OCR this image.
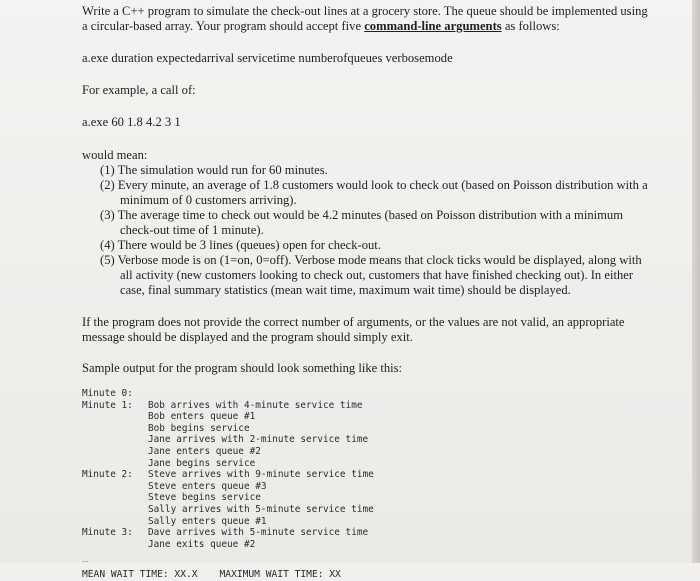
Write a C++ program to simulate the check-out lines at a grocery store. The queue should be implemented using a circular-based array. Your program should accept five command-line arguments as follows:

a.exe duration expectedarrival servicetime numberofqueues verbosemode

For example, a call of:

a.exe 60 1.8 4.2 3 1

would mean:

(1) The simulation would run for 60 minutes.
(2) Every minute, an average of 1.8 customers would look to check out (based on Poisson distribution with a minimum of 0 customers arriving).
(3) The average time to check out would be 4.2 minutes (based on Poisson distribution with a minimum check-out time of 1 minute).
(4) There would be 3 lines (queues) open for check-out.
(5) Verbose mode is on (1=on, 0=off). Verbose mode means that clock ticks would be displayed, along with all activity (new customers looking to check out, customers that have finished checking out). In either case, final summary statistics (mean wait time, maximum wait time) should be displayed.

If the program does not provide the correct number of arguments, or the values are not valid, an appropriate message should be displayed and the program should simply exit.

Sample output for the program should look something like this:

Minute 0:
Minute 1:	Bob arrives with 4-minute service time
Bob enters queue #1
Bob begins service
Jane arrives with 2-minute service time
Jane enters queue #2
Jane begins service
Minute 2:	Steve arrives with 9-minute service time
Steve enters queue #3
Steve begins service
Sally arrives with 5-minute service time
Sally enters queue #1
Minute 3:	Dave arrives with 5-minute service time
Jane exits queue #2
...
MEAN WAIT TIME: XX.X MAXIMUM WAIT TIME: XX
